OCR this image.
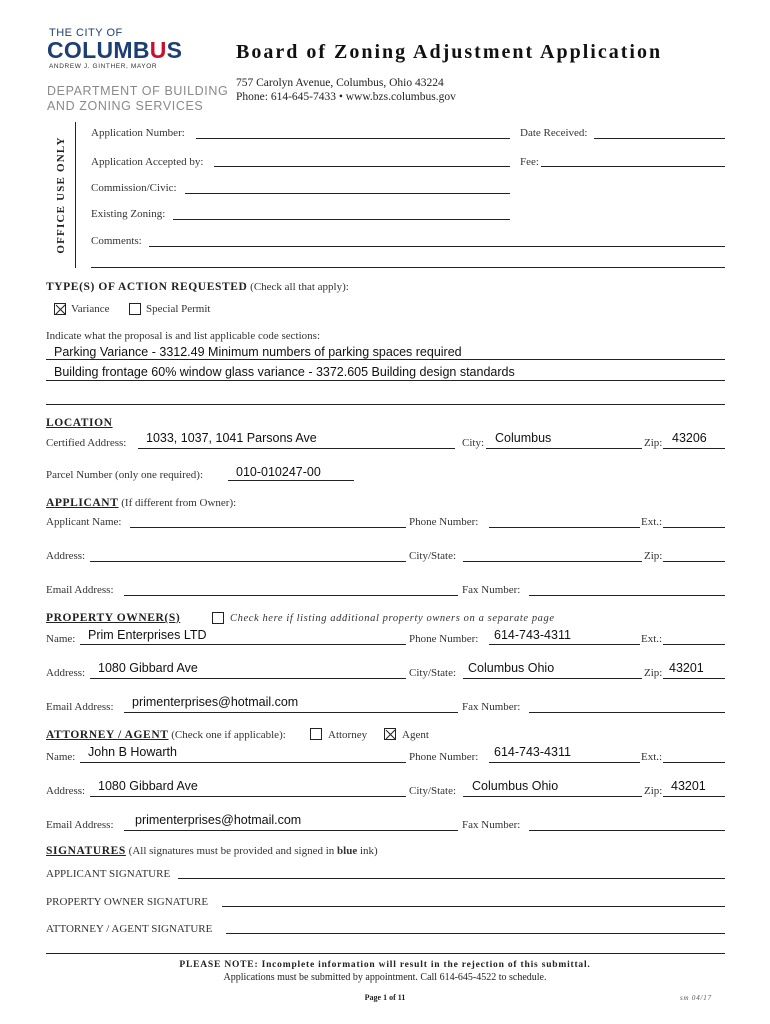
THE CITY OF
COLUMBUS
ANDREW J. GINTHER, MAYOR
DEPARTMENT OF BUILDING
AND ZONING SERVICES
Board of Zoning Adjustment Application
757 Carolyn Avenue, Columbus, Ohio 43224
Phone: 614-645-7433 • www.bzs.columbus.gov
OFFICE USE ONLY
Application Number:	Date Received:
Application Accepted by:	Fee:
Commission/Civic:
Existing Zoning:
Comments:
TYPE(S) OF ACTION REQUESTED (Check all that apply):
Variance	Special Permit
Indicate what the proposal is and list applicable code sections:
Parking Variance - 3312.49 Minimum numbers of parking spaces required
Building frontage 60% window glass variance - 3372.605 Building design standards
LOCATION
Certified Address: 1033, 1037, 1041 Parsons Ave	City: Columbus	Zip: 43206
Parcel Number (only one required):	010-010247-00
APPLICANT (If different from Owner):
Applicant Name:	Phone Number:	Ext.:
Address:	City/State:	Zip:
Email Address:	Fax Number:
PROPERTY OWNER(S)	Check here if listing additional property owners on a separate page
Name: Prim Enterprises LTD	Phone Number: 614-743-4311	Ext.:
Address: 1080 Gibbard Ave	City/State: Columbus Ohio	Zip: 43201
Email Address: primenterprises@hotmail.com	Fax Number:
ATTORNEY / AGENT (Check one if applicable):	Attorney	Agent
Name: John B Howarth	Phone Number: 614-743-4311	Ext.:
Address: 1080 Gibbard Ave	City/State: Columbus Ohio	Zip: 43201
Email Address: primenterprises@hotmail.com	Fax Number:
SIGNATURES (All signatures must be provided and signed in blue ink)
APPLICANT SIGNATURE
PROPERTY OWNER SIGNATURE
ATTORNEY / AGENT SIGNATURE
PLEASE NOTE: Incomplete information will result in the rejection of this submittal.
Applications must be submitted by appointment. Call 614-645-4522 to schedule.
Page 1 of 11	sm 04/17
